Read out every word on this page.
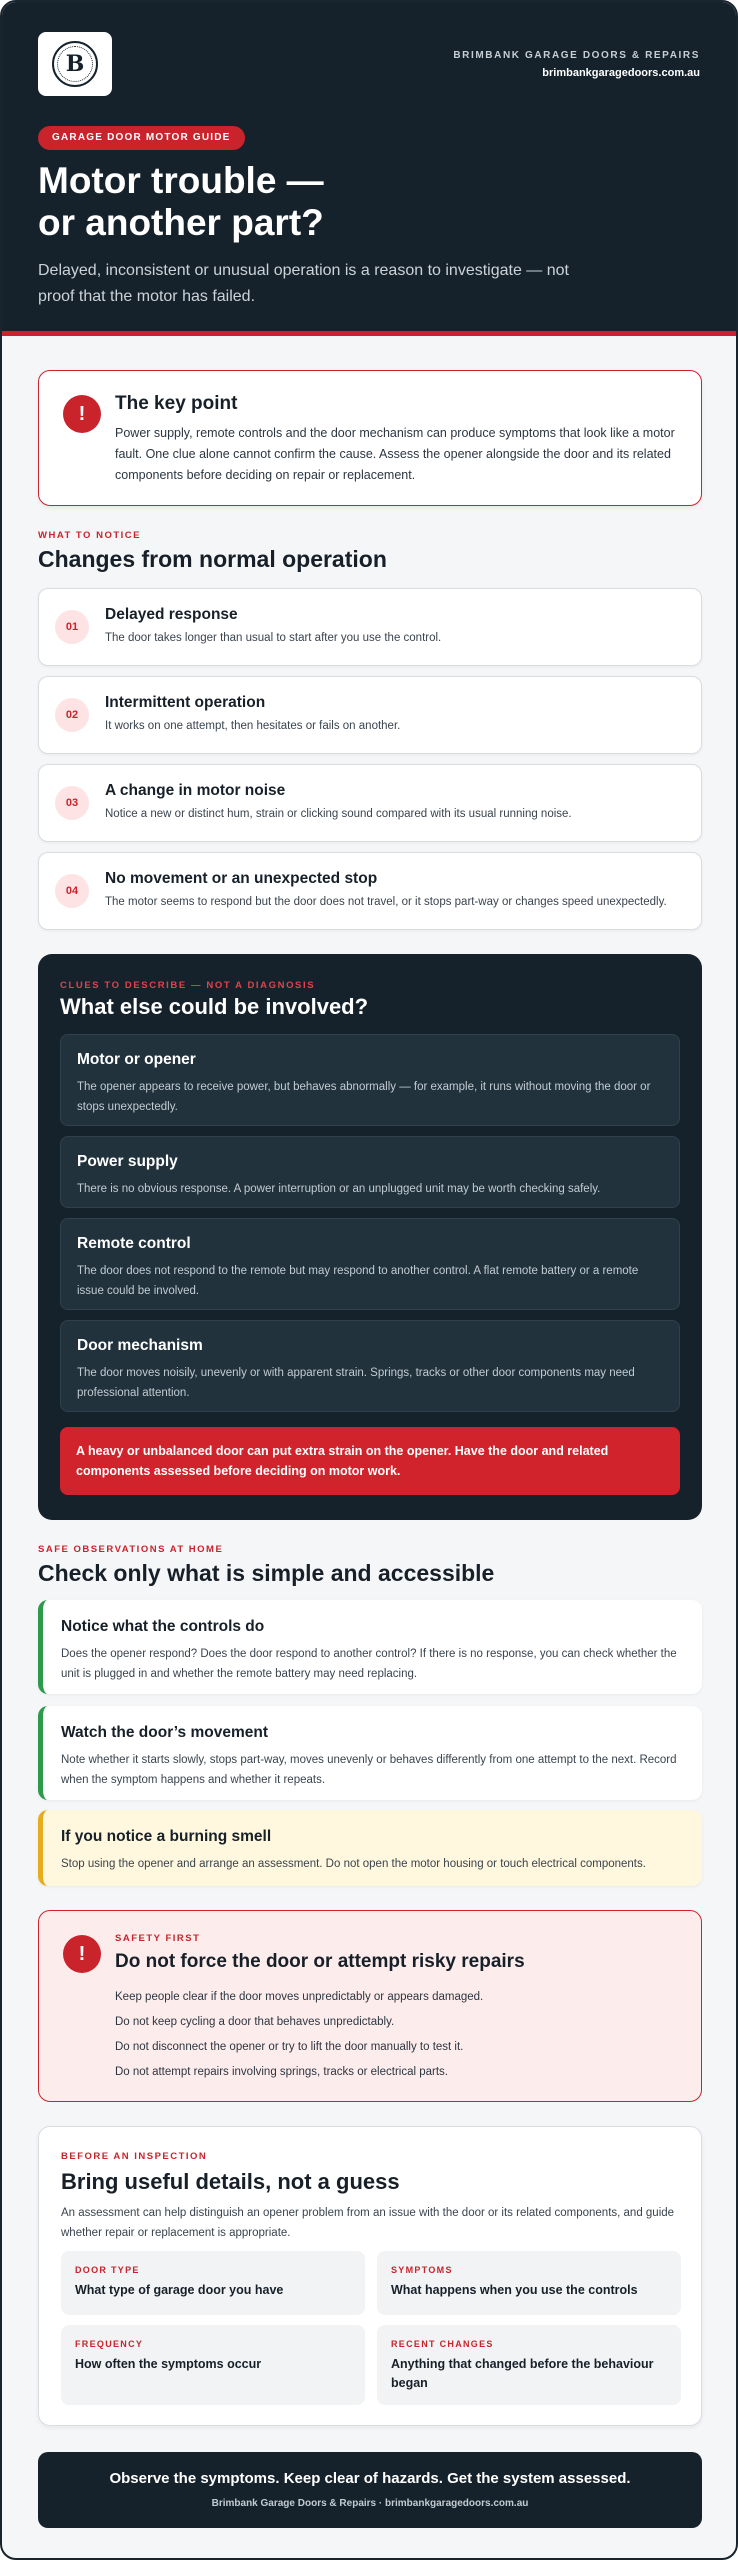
B	BRIMBANK GARAGE DOORS & REPAIRS
brimbankgaragedoors.com.au
GARAGE DOOR MOTOR GUIDE
Motor trouble —
or another part?

Delayed, inconsistent or unusual operation is a reason to investigate — not proof that the motor has failed.

!	The key point

Power supply, remote controls and the door mechanism can produce symptoms that look like a motor fault. One clue alone cannot confirm the cause. Assess the opener alongside the door and its related components before deciding on repair or replacement.

WHAT TO NOTICE
Changes from normal operation
01
Delayed response
The door takes longer than usual to start after you use the control.
02
Intermittent operation
It works on one attempt, then hesitates or fails on another.
03
A change in motor noise
Notice a new or distinct hum, strain or clicking sound compared with its usual running noise.
04
No movement or an unexpected stop
The motor seems to respond but the door does not travel, or it stops part-way or changes speed unexpectedly.
CLUES TO DESCRIBE — NOT A DIAGNOSIS
What else could be involved?
Motor or opener
The opener appears to receive power, but behaves abnormally — for example, it runs without moving the door or stops unexpectedly.
Power supply
There is no obvious response. A power interruption or an unplugged unit may be worth checking safely.
Remote control
The door does not respond to the remote but may respond to another control. A flat remote battery or a remote issue could be involved.
Door mechanism
The door moves noisily, unevenly or with apparent strain. Springs, tracks or other door components may need professional attention.
A heavy or unbalanced door can put extra strain on the opener. Have the door and related components assessed before deciding on motor work.
SAFE OBSERVATIONS AT HOME
Check only what is simple and accessible
Notice what the controls do
Does the opener respond? Does the door respond to another control? If there is no response, you can check whether the unit is plugged in and whether the remote battery may need replacing.
Watch the door’s movement
Note whether it starts slowly, stops part-way, moves unevenly or behaves differently from one attempt to the next. Record when the symptom happens and whether it repeats.
If you notice a burning smell
Stop using the opener and arrange an assessment. Do not open the motor housing or touch electrical components.
!
SAFETY FIRST
Do not force the door or attempt risky repairs
Keep people clear if the door moves unpredictably or appears damaged.
Do not keep cycling a door that behaves unpredictably.
Do not disconnect the opener or try to lift the door manually to test it.
Do not attempt repairs involving springs, tracks or electrical parts.
BEFORE AN INSPECTION
Bring useful details, not a guess

An assessment can help distinguish an opener problem from an issue with the door or its related components, and guide whether repair or replacement is appropriate.

DOOR TYPE
What type of garage door you have
SYMPTOMS
What happens when you use the controls
FREQUENCY
How often the symptoms occur
RECENT CHANGES
Anything that changed before the behaviour began
Observe the symptoms. Keep clear of hazards. Get the system assessed.
Brimbank Garage Doors & Repairs · brimbankgaragedoors.com.au
